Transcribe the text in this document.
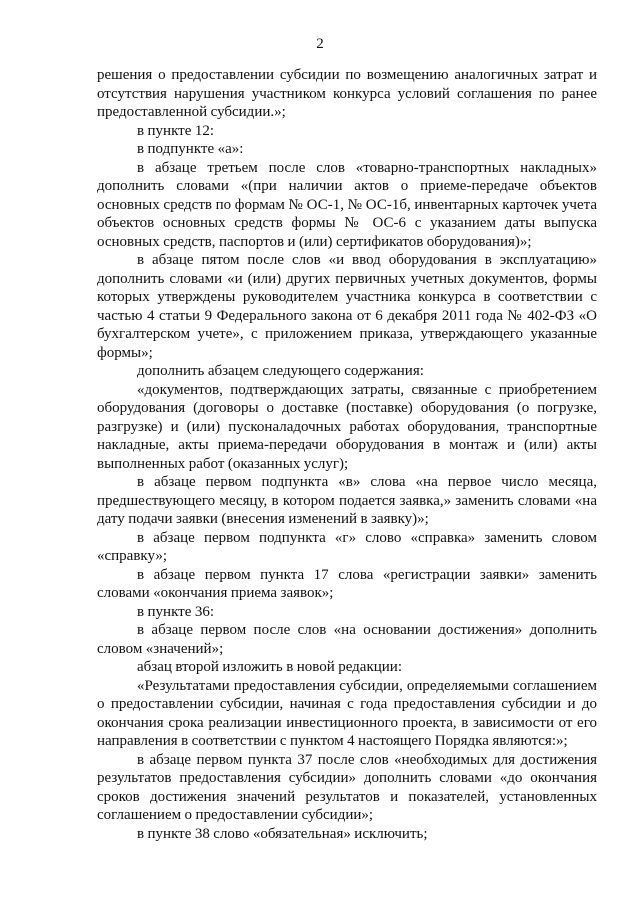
2

решения о предоставлении субсидии по возмещению аналогичных затрат и отсутствия нарушения участником конкурса условий соглашения по ранее предоставленной субсидии.»;

в пункте 12:

в подпункте «а»:

в абзаце третьем после слов «товарно-транспортных накладных» дополнить словами «(при наличии актов о приеме-передаче объектов основных средств по формам № ОС-1, № ОС-1б, инвентарных карточек учета объектов основных средств формы № ОС-6 с указанием даты выпуска основных средств, паспортов и (или) сертификатов оборудования)»;

в абзаце пятом после слов «и ввод оборудования в эксплуатацию» дополнить словами «и (или) других первичных учетных документов, формы которых утверждены руководителем участника конкурса в соответствии с частью 4 статьи 9 Федерального закона от 6 декабря 2011 года № 402-ФЗ «О бухгалтерском учете», с приложением приказа, утверждающего указанные формы»;

дополнить абзацем следующего содержания:

«документов, подтверждающих затраты, связанные с приобретением оборудования (договоры о доставке (поставке) оборудования (о погрузке, разгрузке) и (или) пусконаладочных работах оборудования, транспортные накладные, акты приема-передачи оборудования в монтаж и (или) акты выполненных работ (оказанных услуг);

в абзаце первом подпункта «в» слова «на первое число месяца, предшествующего месяцу, в котором подается заявка,» заменить словами «на дату подачи заявки (внесения изменений в заявку)»;

в абзаце первом подпункта «г» слово «справка» заменить словом «справку»;

в абзаце первом пункта 17 слова «регистрации заявки» заменить словами «окончания приема заявок»;

в пункте 36:

в абзаце первом после слов «на основании достижения» дополнить словом «значений»;

абзац второй изложить в новой редакции:

«Результатами предоставления субсидии, определяемыми соглашением о предоставлении субсидии, начиная с года предоставления субсидии и до окончания срока реализации инвестиционного проекта, в зависимости от его направления в соответствии с пунктом 4 настоящего Порядка являются:»;

в абзаце первом пункта 37 после слов «необходимых для достижения результатов предоставления субсидии» дополнить словами «до окончания сроков достижения значений результатов и показателей, установленных соглашением о предоставлении субсидии»;

в пункте 38 слово «обязательная» исключить;
